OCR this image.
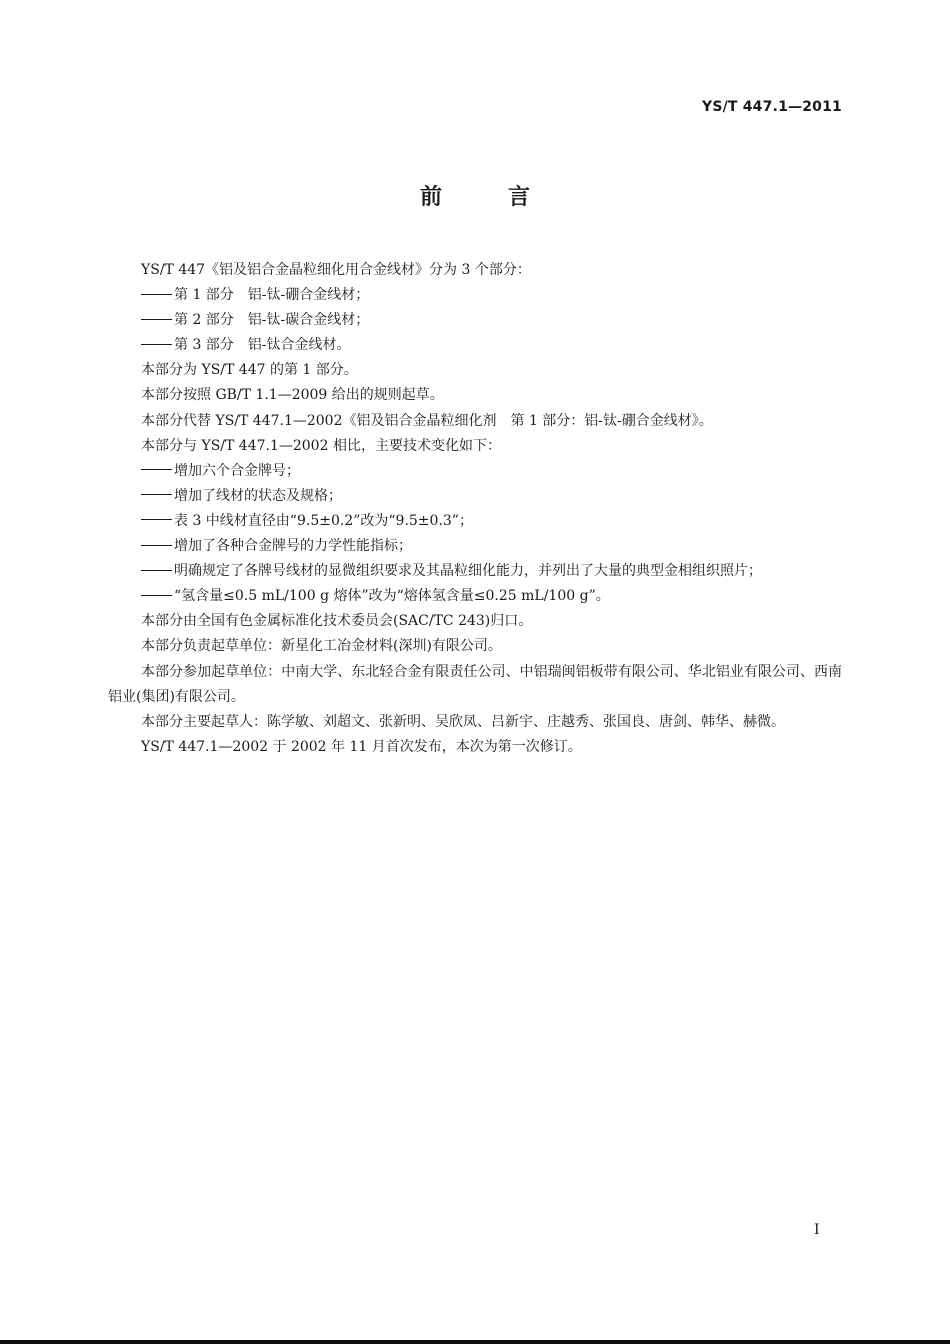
YS/T 447.1—2011
前	言

YS/T 447《铝及铝合金晶粒细化用合金线材》分为 3 个部分：

第 1 部分　铝-钛-硼合金线材；

第 2 部分　铝-钛-碳合金线材；

第 3 部分　铝-钛合金线材。

本部分为 YS/T 447 的第 1 部分。

本部分按照 GB/T 1.1—2009 给出的规则起草。

本部分代替 YS/T 447.1—2002《铝及铝合金晶粒细化剂　第 1 部分：铝-钛-硼合金线材》。

本部分与 YS/T 447.1—2002 相比，主要技术变化如下：

增加六个合金牌号；

增加了线材的状态及规格；

表 3 中线材直径由“9.5±0.2”改为“9.5±0.3”；

增加了各种合金牌号的力学性能指标；

明确规定了各牌号线材的显微组织要求及其晶粒细化能力，并列出了大量的典型金相组织照片；

“氢含量≤0.5 mL/100 g 熔体”改为“熔体氢含量≤0.25 mL/100 g”。

本部分由全国有色金属标准化技术委员会(SAC/TC 243)归口。

本部分负责起草单位：新星化工冶金材料(深圳)有限公司。

本部分参加起草单位：中南大学、东北轻合金有限责任公司、中铝瑞闽铝板带有限公司、华北铝业有限公司、西南铝业(集团)有限公司。

本部分主要起草人：陈学敏、刘超文、张新明、吴欣凤、吕新宇、庄越秀、张国良、唐剑、韩华、赫微。

YS/T 447.1—2002 于 2002 年 11 月首次发布，本次为第一次修订。

I
